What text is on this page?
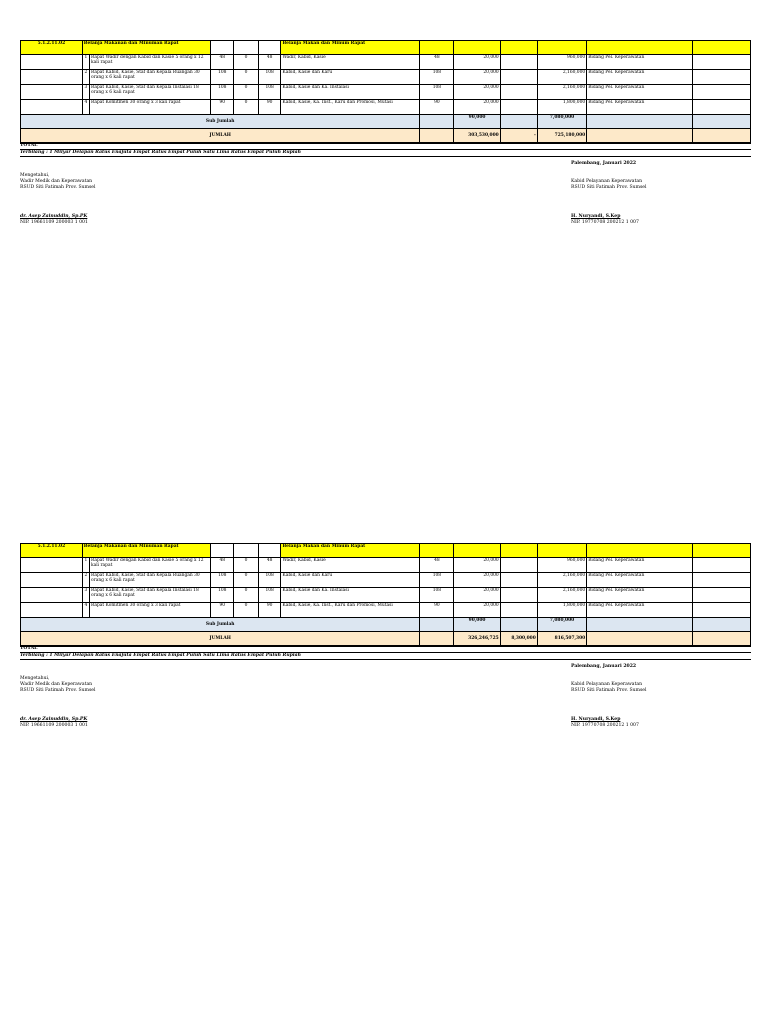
5.1.2.11.02	Belanja Makanan dan Minuman Rapat					Belanja Makan dan Minum Rapat						
	1	Rapat Wadir dengan Kabid dan Kasie 5 orang x 12 kali rapat	48	0	48	Wadir, Kabid, Kasie	48	20,000		960,000	Bidang Pel. Keperawatan	
	2	Rapat Kabid, Kasie, Staf dan Kepala Ruangan 30 orang x 6 kali rapat	108	0	108	Kabid, Kasie dan Karu	108	20,000		2,160,000	Bidang Pel. Keperawatan	
	3	Rapat Kabid, Kasie, Staf dan Kepala Instalasi 18 orang x 6 kali rapat	108	0	108	Kabid, Kasie dan Ka. Instalasi	108	20,000		2,160,000	Bidang Pel. Keperawatan	
	4	Rapat Komitmen 30 orang x 3 kali rapat	90	0	90	Kabid, Kasie, Ka. Inst., Karu dan Promosi, Mutasi	90	20,000		1,800,000	Bidang Pel. Keperawatan	
Sub Jumlah								90,000		7,080,000		
JUMLAH								303,530,000	-	725,180,000		
TOTAL
Terbilang : 1 Milyar Delapan Ratus Enajuta Empat Ratus Empat Puluh Satu Lima Ratus Empat Puluh Rupiah
Palembang, Januari 2022
Mengetahui,
Wadir Medik dan Keperawatan
RSUD Siti Fatimah Prov. Sumsel
Kabid Pelayanan Keperawatan
RSUD Siti Fatimah Prov. Sumsel
dr. Asep Zainuddin, Sp.PK
NIP. 19661109 200003 1 001
H. Nuryandi, S.Kep
NIP. 19770708 200212 1 007
5.1.2.11.02	Belanja Makanan dan Minuman Rapat					Belanja Makan dan Minum Rapat						
	1	Rapat Wadir dengan Kabid dan Kasie 5 orang x 12 kali rapat	48	0	48	Wadir, Kabid, Kasie	48	20,000		960,000	Bidang Pel. Keperawatan	
	2	Rapat Kabid, Kasie, Staf dan Kepala Ruangan 30 orang x 6 kali rapat	108	0	108	Kabid, Kasie dan Karu	108	20,000		2,160,000	Bidang Pel. Keperawatan	
	3	Rapat Kabid, Kasie, Staf dan Kepala Instalasi 18 orang x 6 kali rapat	108	0	108	Kabid, Kasie dan Ka. Instalasi	108	20,000		2,160,000	Bidang Pel. Keperawatan	
	4	Rapat Komitmen 30 orang x 3 kali rapat	90	0	90	Kabid, Kasie, Ka. Inst., Karu dan Promosi, Mutasi	90	20,000		1,800,000	Bidang Pel. Keperawatan	
Sub Jumlah								90,000		7,080,000		
JUMLAH								326,246,725	8,300,000	816,507,300		
TOTAL
Terbilang : 1 Milyar Delapan Ratus Enajuta Empat Ratus Empat Puluh Satu Lima Ratus Empat Puluh Rupiah
Palembang, Januari 2022
Mengetahui,
Wadir Medik dan Keperawatan
RSUD Siti Fatimah Prov. Sumsel
Kabid Pelayanan Keperawatan
RSUD Siti Fatimah Prov. Sumsel
dr. Asep Zainuddin, Sp.PK
NIP. 19661109 200003 1 001
H. Nuryandi, S.Kep
NIP. 19770708 200212 1 007
